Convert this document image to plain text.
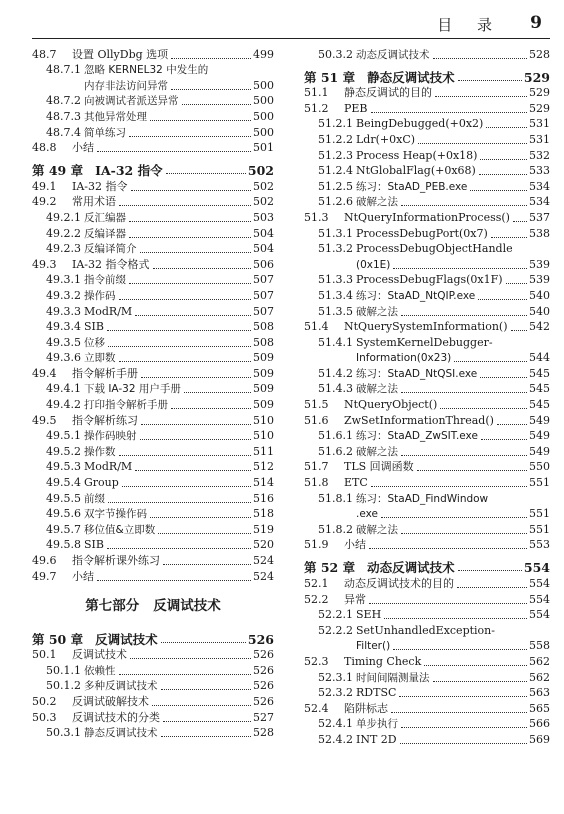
目 录 9
48.7	设置 OllyDbg 选项	499
48.7.1 忽略 KERNEL32 中发生的
内存非法访问异常	500
48.7.2 向被调试者派送异常	500
48.7.3 其他异常处理	500
48.7.4 简单练习	500
48.8	小结	501
第 49 章 IA-32 指令	502
49.1	IA-32 指令	502
49.2	常用术语	502
49.2.1 反汇编器	503
49.2.2 反编译器	504
49.2.3 反编译简介	504
49.3	IA-32 指令格式	506
49.3.1 指令前缀	507
49.3.2 操作码	507
49.3.3 ModR/M	507
49.3.4 SIB	508
49.3.5 位移	508
49.3.6 立即数	509
49.4	指令解析手册	509
49.4.1 下载 IA-32 用户手册	509
49.4.2 打印指令解析手册	509
49.5	指令解析练习	510
49.5.1 操作码映射	510
49.5.2 操作数	511
49.5.3 ModR/M	512
49.5.4 Group	514
49.5.5 前缀	516
49.5.6 双字节操作码	518
49.5.7 移位值&立即数	519
49.5.8 SIB	520
49.6	指令解析课外练习	524
49.7	小结	524
第七部分 反调试技术
第 50 章 反调试技术	526
50.1	反调试技术	526
50.1.1 依赖性	526
50.1.2 多种反调试技术	526
50.2	反调试破解技术	526
50.3	反调试技术的分类	527
50.3.1 静态反调试技术	528
50.3.2 动态反调试技术	528
第 51 章 静态反调试技术	529
51.1	静态反调试的目的	529
51.2	PEB	529
51.2.1 BeingDebugged(+0x2)	531
51.2.2 Ldr(+0xC)	531
51.2.3 Process Heap(+0x18)	532
51.2.4 NtGlobalFlag(+0x68)	533
51.2.5 练习：StaAD_PEB.exe	534
51.2.6 破解之法	534
51.3	NtQueryInformationProcess() 537
51.3.1 ProcessDebugPort(0x7)	538
51.3.2 ProcessDebugObjectHandle
(0x1E)	539
51.3.3 ProcessDebugFlags(0x1F) 539
51.3.4 练习：StaAD_NtQIP.exe	540
51.3.5 破解之法	540
51.4	NtQuerySystemInformation() 542
51.4.1 SystemKernelDebugger-
Information(0x23)	544
51.4.2 练习：StaAD_NtQSI.exe	545
51.4.3 破解之法	545
51.5	NtQueryObject()	545
51.6	ZwSetInformationThread()	549
51.6.1 练习：StaAD_ZwSIT.exe	549
51.6.2 破解之法	549
51.7	TLS 回调函数	550
51.8	ETC	551
51.8.1 练习：StaAD_FindWindow
.exe	551
51.8.2 破解之法	551
51.9	小结	553
第 52 章 动态反调试技术	554
52.1	动态反调试技术的目的	554
52.2	异常	554
52.2.1 SEH	554
52.2.2 SetUnhandledException-
Filter()	558
52.3	Timing Check	562
52.3.1 时间间隔测量法	562
52.3.2 RDTSC	563
52.4	陷阱标志	565
52.4.1 单步执行	566
52.4.2 INT 2D	569
